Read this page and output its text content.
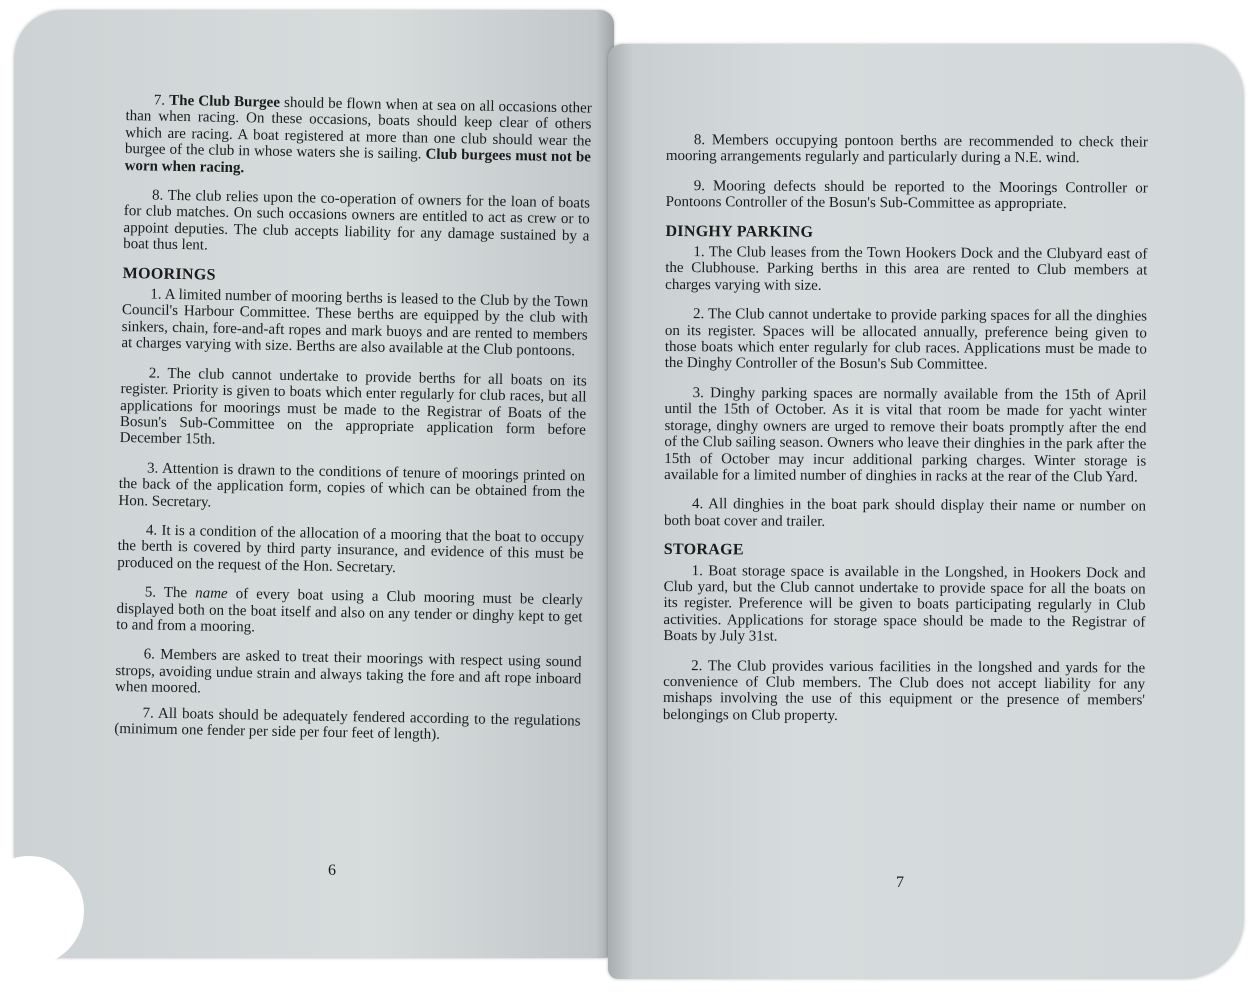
7. The Club Burgee should be flown when at sea on all occasions other than when racing. On these occasions, boats should keep clear of others which are racing. A boat registered at more than one club should wear the burgee of the club in whose waters she is sailing. Club burgees must not be worn when racing.

8. The club relies upon the co-operation of owners for the loan of boats for club matches. On such occasions owners are entitled to act as crew or to appoint deputies. The club accepts liability for any damage sustained by a boat thus lent.

MOORINGS

1. A limited number of mooring berths is leased to the Club by the Town Council's Harbour Committee. These berths are equipped by the club with sinkers, chain, fore-and-aft ropes and mark buoys and are rented to members at charges varying with size. Berths are also available at the Club pontoons.

2. The club cannot undertake to provide berths for all boats on its register. Priority is given to boats which enter regularly for club races, but all applications for moorings must be made to the Registrar of Boats of the Bosun's Sub-Committee on the appropriate application form before December 15th.

3. Attention is drawn to the conditions of tenure of moorings printed on the back of the application form, copies of which can be obtained from the Hon. Secretary.

4. It is a condition of the allocation of a mooring that the boat to occupy the berth is covered by third party insurance, and evidence of this must be produced on the request of the Hon. Secretary.

5. The name of every boat using a Club mooring must be clearly displayed both on the boat itself and also on any tender or dinghy kept to get to and from a mooring.

6. Members are asked to treat their moorings with respect using sound strops, avoiding undue strain and always taking the fore and aft rope inboard when moored.

7. All boats should be adequately fendered according to the regulations (minimum one fender per side per four feet of length).

6

8. Members occupying pontoon berths are recommended to check their mooring arrangements regularly and particularly during a N.E. wind.

9. Mooring defects should be reported to the Moorings Controller or Pontoons Controller of the Bosun's Sub-Committee as appropriate.

DINGHY PARKING

1. The Club leases from the Town Hookers Dock and the Clubyard east of the Clubhouse. Parking berths in this area are rented to Club members at charges varying with size.

2. The Club cannot undertake to provide parking spaces for all the dinghies on its register. Spaces will be allocated annually, preference being given to those boats which enter regularly for club races. Applications must be made to the Dinghy Controller of the Bosun's Sub Committee.

3. Dinghy parking spaces are normally available from the 15th of April until the 15th of October. As it is vital that room be made for yacht winter storage, dinghy owners are urged to remove their boats promptly after the end of the Club sailing season. Owners who leave their dinghies in the park after the 15th of October may incur additional parking charges. Winter storage is available for a limited number of dinghies in racks at the rear of the Club Yard.

4. All dinghies in the boat park should display their name or number on both boat cover and trailer.

STORAGE

1. Boat storage space is available in the Longshed, in Hookers Dock and Club yard, but the Club cannot undertake to provide space for all the boats on its register. Preference will be given to boats participating regularly in Club activities. Applications for storage space should be made to the Registrar of Boats by July 31st.

2. The Club provides various facilities in the longshed and yards for the convenience of Club members. The Club does not accept liability for any mishaps involving the use of this equipment or the presence of members' belongings on Club property.

7
